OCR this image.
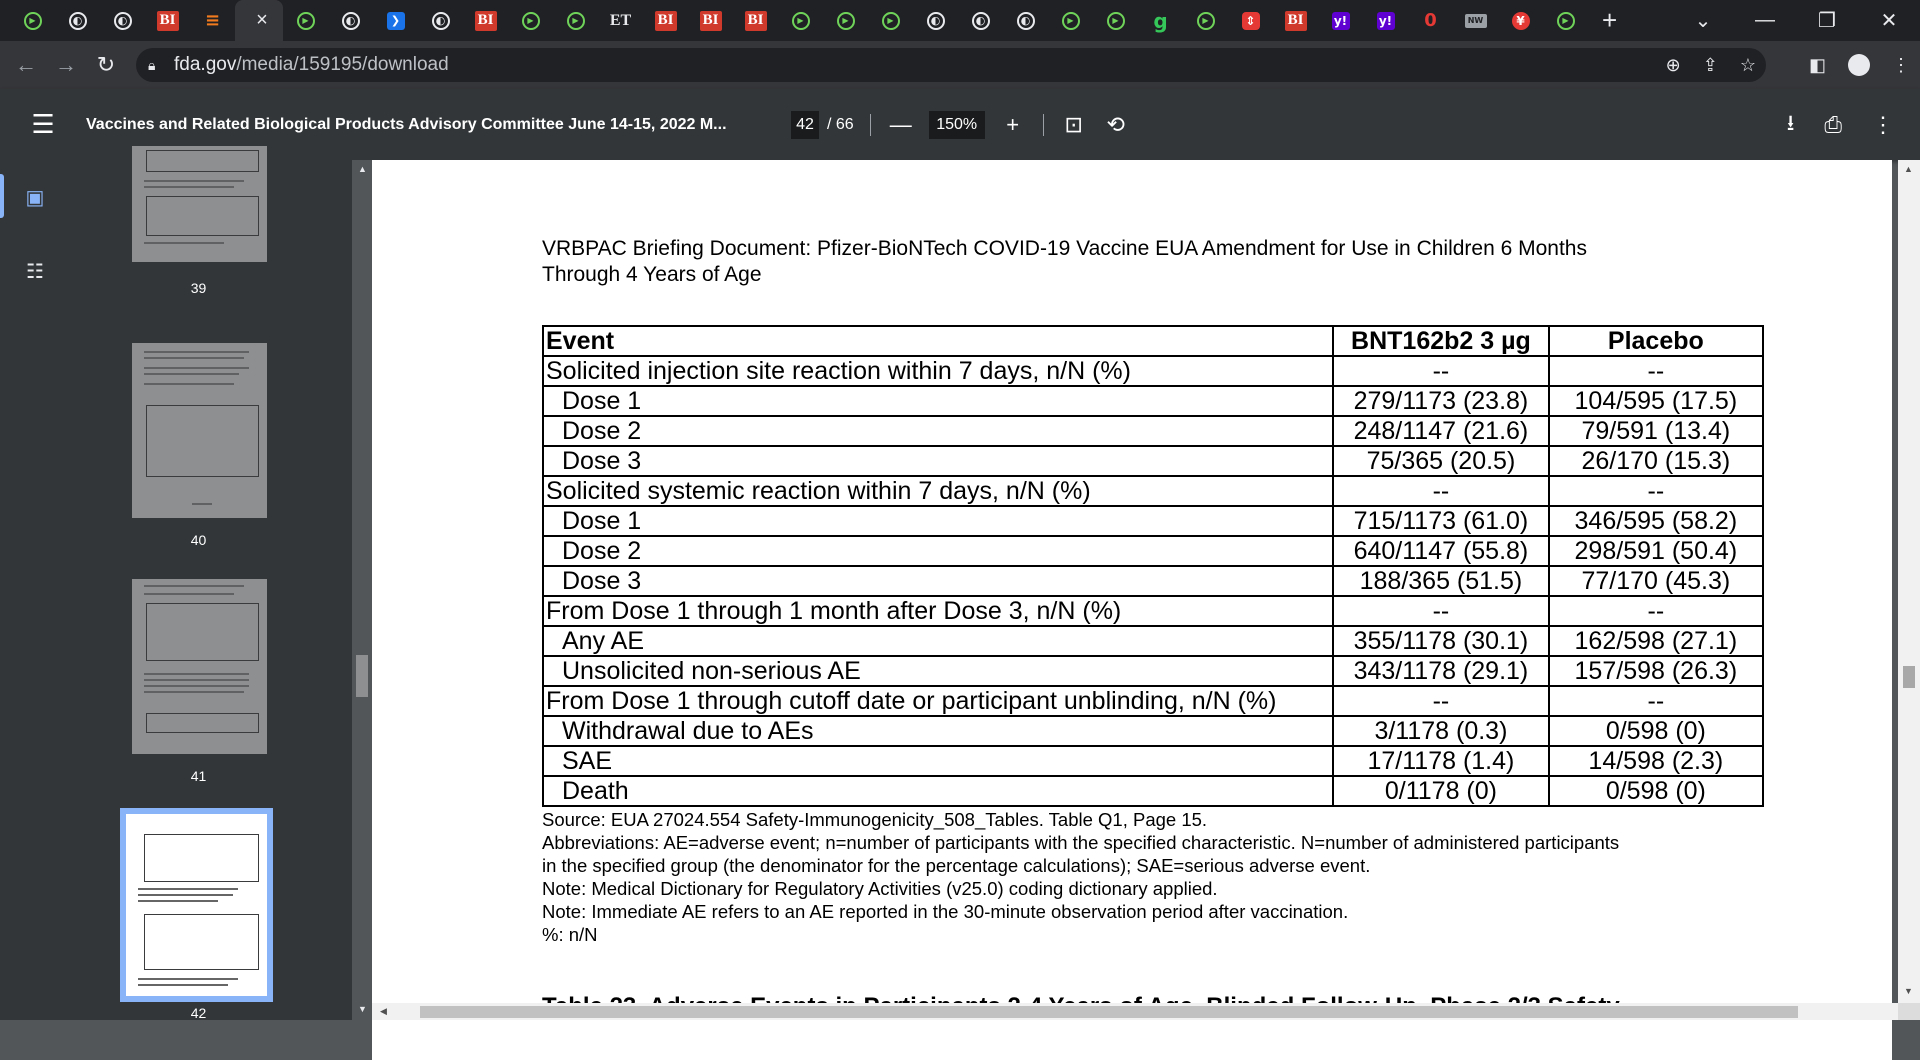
▶	◐	◐ BI ≡ ×	▶	◐	❯	◐ BI	▶	▶	ET BI BI BI	▶	▶	▶	◐	◐	◐	▶	▶ g	▶	⇕ BI	y!	y! 0	NW	¥	▶ +	⌄	—	❐	✕
← → ↻	🔒︎ fda.gov/media/159195/download	⊕ ⇪ ☆	◧	⋮
☰	Vaccines and Related Biological Products Advisory Committee June 14-15, 2022 M...	42 / 66 —	150%	+	⊡ ⟲	⭳ ⎙ ⋮
▣
☷
39
40
41
42
▲
▼
VRBPAC Briefing Document: Pfizer-BioNTech COVID-19 Vaccine EUA Amendment for Use in Children 6 Months
Through 4 Years of Age
Event	BNT162b2 3 µg	Placebo
Solicited injection site reaction within 7 days, n/N (%)	--	--
Dose 1	279/1173 (23.8)	104/595 (17.5)
Dose 2	248/1147 (21.6)	79/591 (13.4)
Dose 3	75/365 (20.5)	26/170 (15.3)
Solicited systemic reaction within 7 days, n/N (%)	--	--
Dose 1	715/1173 (61.0)	346/595 (58.2)
Dose 2	640/1147 (55.8)	298/591 (50.4)
Dose 3	188/365 (51.5)	77/170 (45.3)
From Dose 1 through 1 month after Dose 3, n/N (%)	--	--
Any AE	355/1178 (30.1)	162/598 (27.1)
Unsolicited non-serious AE	343/1178 (29.1)	157/598 (26.3)
From Dose 1 through cutoff date or participant unblinding, n/N (%)	--	--
Withdrawal due to AEs	3/1178 (0.3)	0/598 (0)
SAE	17/1178 (1.4)	14/598 (2.3)
Death	0/1178 (0)	0/598 (0)
Source: EUA 27024.554 Safety-Immunogenicity_508_Tables. Table Q1, Page 15.
Abbreviations: AE=adverse event; n=number of participants with the specified characteristic. N=number of administered participants
in the specified group (the denominator for the percentage calculations); SAE=serious adverse event.
Note: Medical Dictionary for Regulatory Activities (v25.0) coding dictionary applied.
Note: Immediate AE refers to an AE reported in the 30-minute observation period after vaccination.
%: n/N
▲
▼
◀
